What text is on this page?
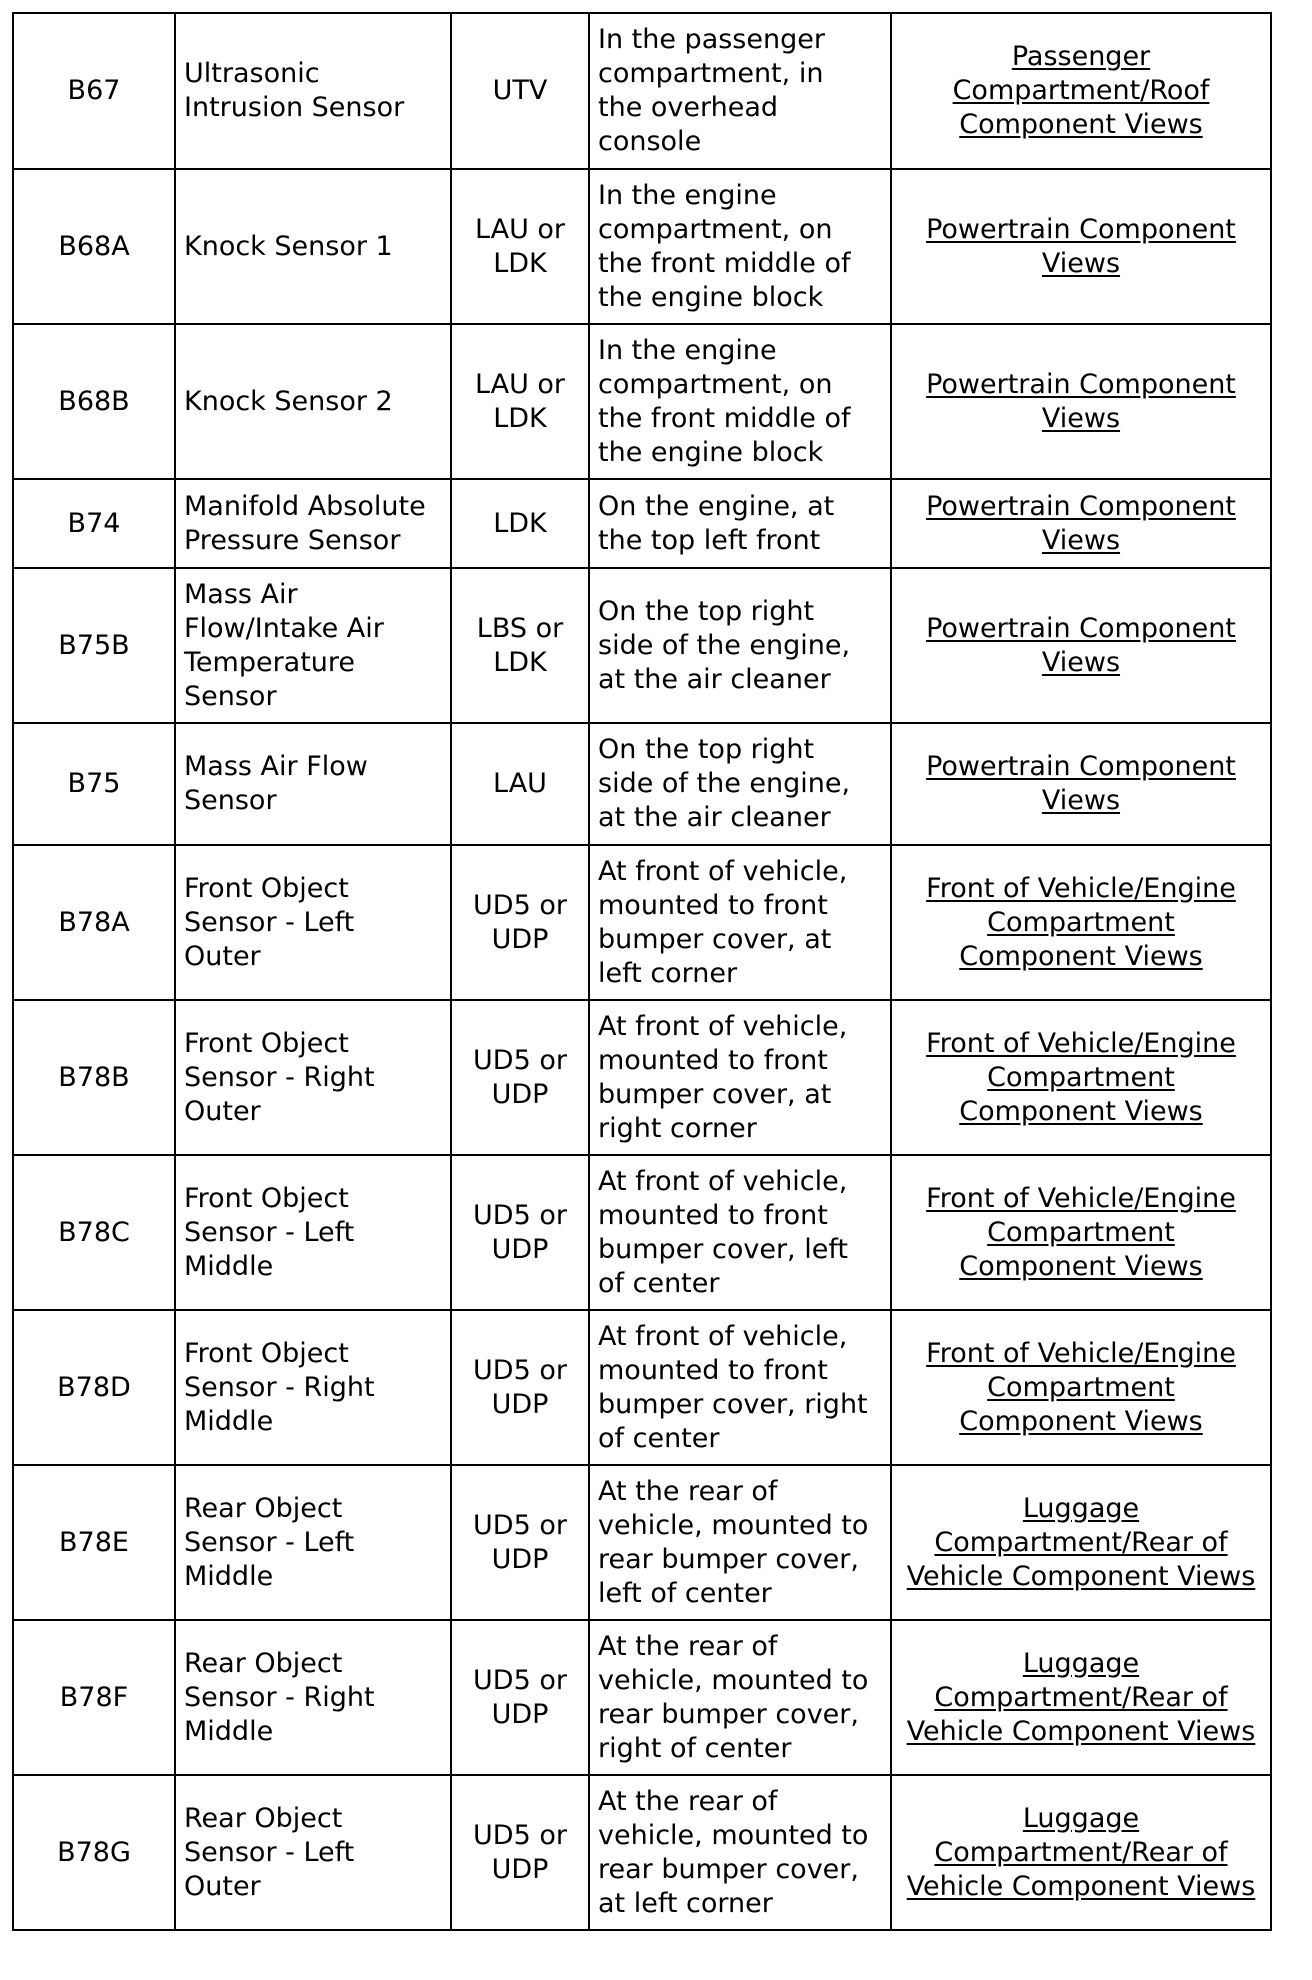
B67	Ultrasonic
Intrusion Sensor	UTV	In the passenger
compartment, in
the overhead
console	Passenger
Compartment/Roof
Component Views
B68A	Knock Sensor 1	LAU or
LDK	In the engine
compartment, on
the front middle of
the engine block	Powertrain Component
Views
B68B	Knock Sensor 2	LAU or
LDK	In the engine
compartment, on
the front middle of
the engine block	Powertrain Component
Views
B74	Manifold Absolute
Pressure Sensor	LDK	On the engine, at
the top left front	Powertrain Component
Views
B75B	Mass Air
Flow/Intake Air
Temperature
Sensor	LBS or
LDK	On the top right
side of the engine,
at the air cleaner	Powertrain Component
Views
B75	Mass Air Flow
Sensor	LAU	On the top right
side of the engine,
at the air cleaner	Powertrain Component
Views
B78A	Front Object
Sensor - Left
Outer	UD5 or
UDP	At front of vehicle,
mounted to front
bumper cover, at
left corner	Front of Vehicle/Engine
Compartment
Component Views
B78B	Front Object
Sensor - Right
Outer	UD5 or
UDP	At front of vehicle,
mounted to front
bumper cover, at
right corner	Front of Vehicle/Engine
Compartment
Component Views
B78C	Front Object
Sensor - Left
Middle	UD5 or
UDP	At front of vehicle,
mounted to front
bumper cover, left
of center	Front of Vehicle/Engine
Compartment
Component Views
B78D	Front Object
Sensor - Right
Middle	UD5 or
UDP	At front of vehicle,
mounted to front
bumper cover, right
of center	Front of Vehicle/Engine
Compartment
Component Views
B78E	Rear Object
Sensor - Left
Middle	UD5 or
UDP	At the rear of
vehicle, mounted to
rear bumper cover,
left of center	Luggage
Compartment/Rear of
Vehicle Component Views
B78F	Rear Object
Sensor - Right
Middle	UD5 or
UDP	At the rear of
vehicle, mounted to
rear bumper cover,
right of center	Luggage
Compartment/Rear of
Vehicle Component Views
B78G	Rear Object
Sensor - Left
Outer	UD5 or
UDP	At the rear of
vehicle, mounted to
rear bumper cover,
at left corner	Luggage
Compartment/Rear of
Vehicle Component Views
